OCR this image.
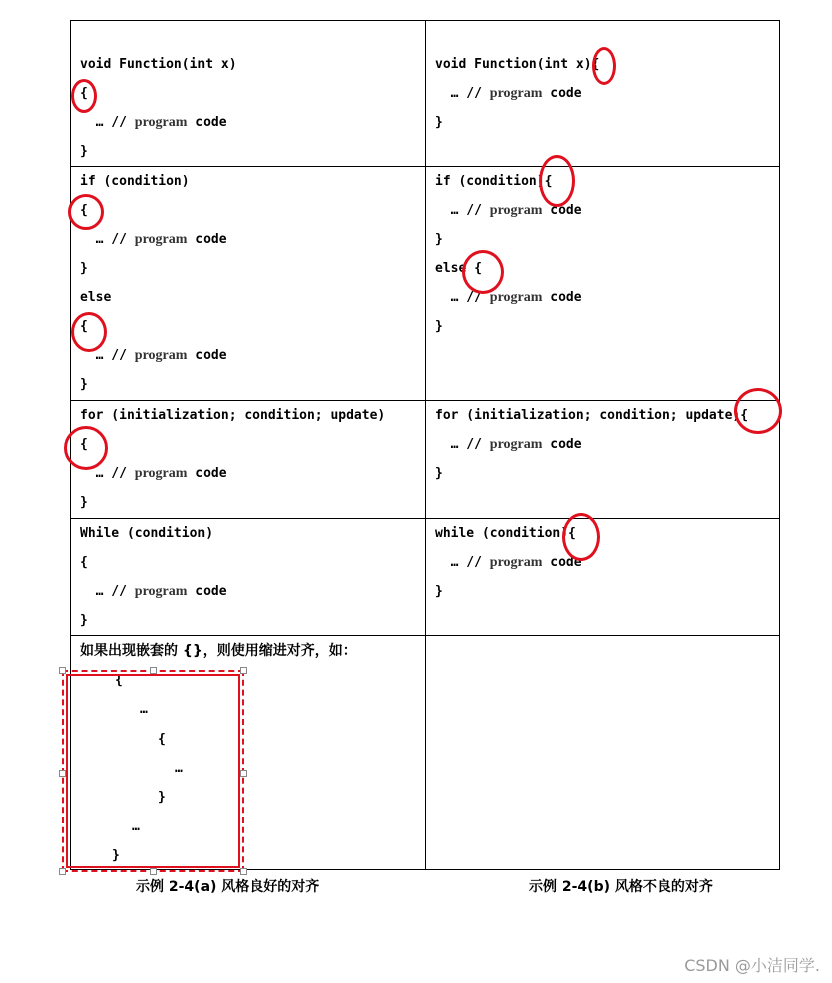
void Function(int x)
{
… // program code
}
void Function(int x){
… // program code
}
if (condition)
{
… // program code
}
else
{
… // program code
}
if (condition){
… // program code
}
else {
… // program code
}
for (initialization; condition; update)
{
… // program code
}
for (initialization; condition; update){
… // program code
}
While (condition)
{
… // program code
}
while (condition){
… // program code
}
如果出现嵌套的 {}，则使用缩进对齐，如：
{
…
{
…
}
…
}
示例 2-4(a) 风格良好的对齐	示例 2-4(b) 风格不良的对齐
CSDN @小洁同学.
